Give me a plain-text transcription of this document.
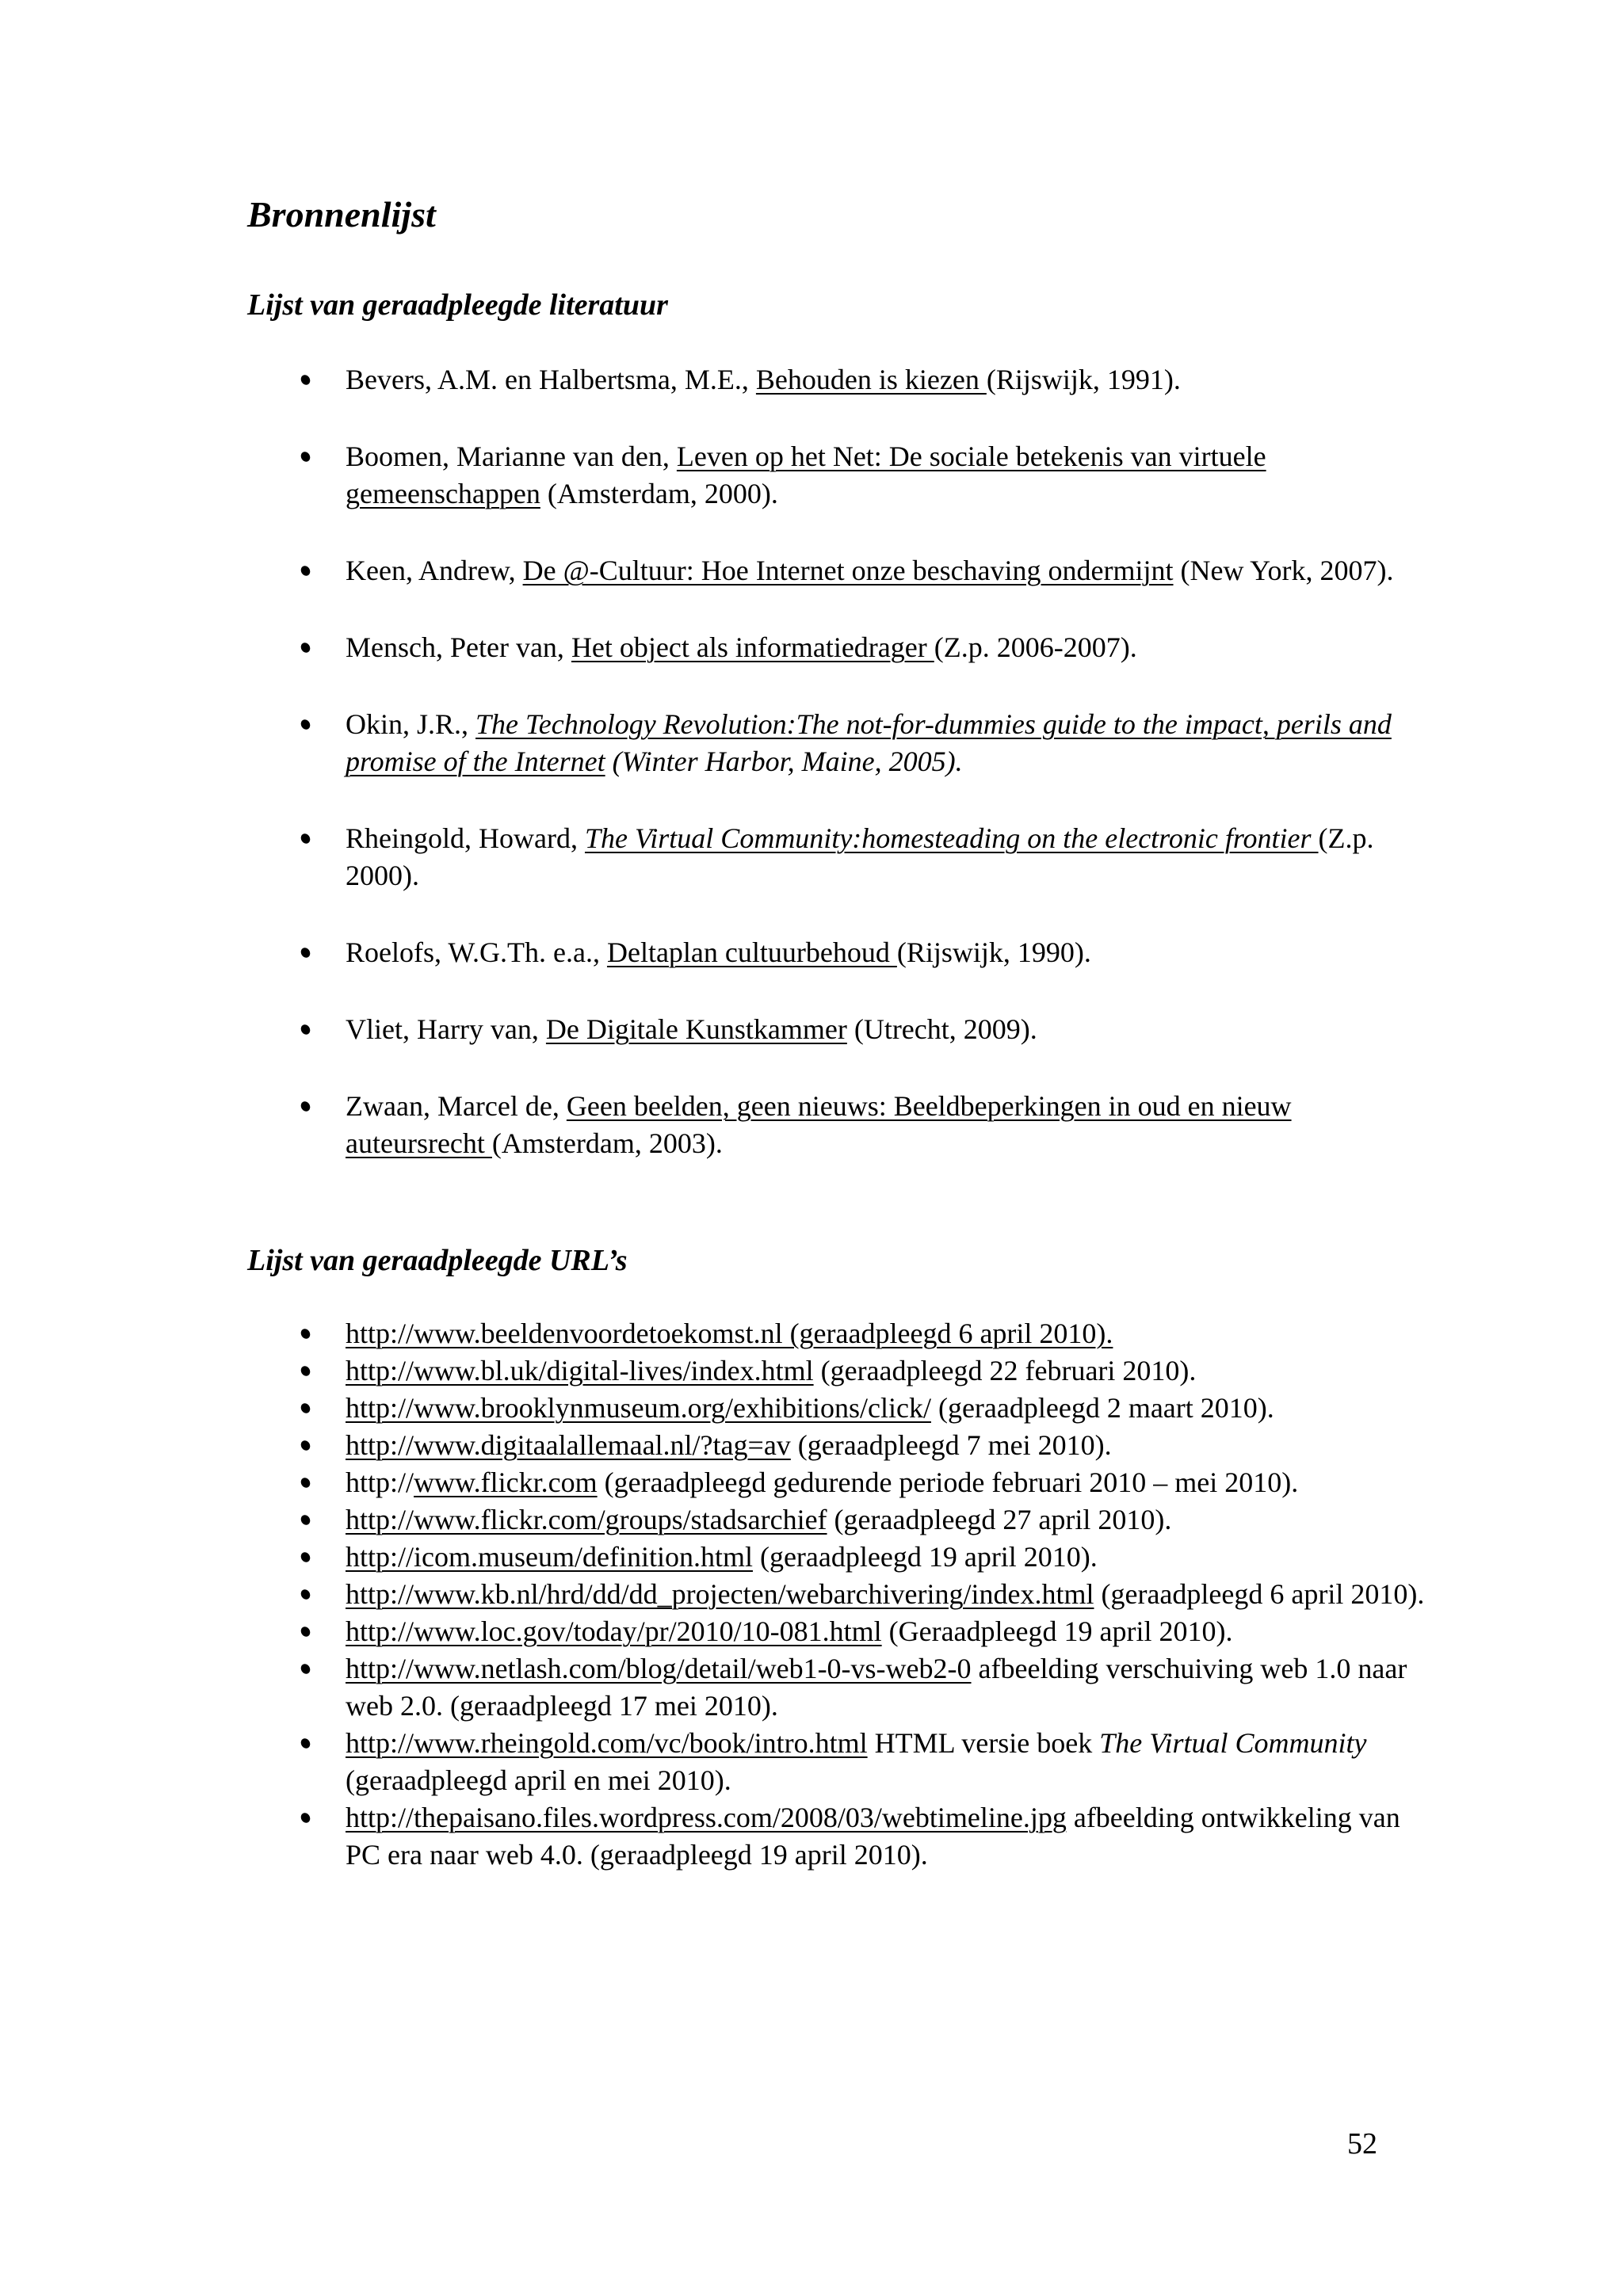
Bronnenlijst
Lijst van geraadpleegde literatuur
Bevers, A.M. en Halbertsma, M.E., Behouden is kiezen (Rijswijk, 1991).
Boomen, Marianne van den, Leven op het Net: De sociale betekenis van virtuele gemeenschappen (Amsterdam, 2000).
Keen, Andrew, De @-Cultuur: Hoe Internet onze beschaving ondermijnt (New York, 2007).
Mensch, Peter van, Het object als informatiedrager (Z.p. 2006-2007).
Okin, J.R., The Technology Revolution:The not-for-dummies guide to the impact, perils and promise of the Internet (Winter Harbor, Maine, 2005).
Rheingold, Howard, The Virtual Community:homesteading on the electronic frontier (Z.p. 2000).
Roelofs, W.G.Th. e.a., Deltaplan cultuurbehoud (Rijswijk, 1990).
Vliet, Harry van, De Digitale Kunstkammer (Utrecht, 2009).
Zwaan, Marcel de, Geen beelden, geen nieuws: Beeldbeperkingen in oud en nieuw auteursrecht (Amsterdam, 2003).
Lijst van geraadpleegde URL’s
http://www.beeldenvoordetoekomst.nl (geraadpleegd 6 april 2010).
http://www.bl.uk/digital-lives/index.html (geraadpleegd 22 februari 2010).
http://www.brooklynmuseum.org/exhibitions/click/ (geraadpleegd 2 maart 2010).
http://www.digitaalallemaal.nl/?tag=av (geraadpleegd 7 mei 2010).
http://www.flickr.com (geraadpleegd gedurende periode februari 2010 – mei 2010).
http://www.flickr.com/groups/stadsarchief (geraadpleegd 27 april 2010).
http://icom.museum/definition.html (geraadpleegd 19 april 2010).
http://www.kb.nl/hrd/dd/dd_projecten/webarchivering/index.html (geraadpleegd 6 april 2010).
http://www.loc.gov/today/pr/2010/10-081.html (Geraadpleegd 19 april 2010).
http://www.netlash.com/blog/detail/web1-0-vs-web2-0 afbeelding verschuiving web 1.0 naar web 2.0. (geraadpleegd 17 mei 2010).
http://www.rheingold.com/vc/book/intro.html HTML versie boek The Virtual Community (geraadpleegd april en mei 2010).
http://thepaisano.files.wordpress.com/2008/03/webtimeline.jpg afbeelding ontwikkeling van PC era naar web 4.0. (geraadpleegd 19 april 2010).
52
